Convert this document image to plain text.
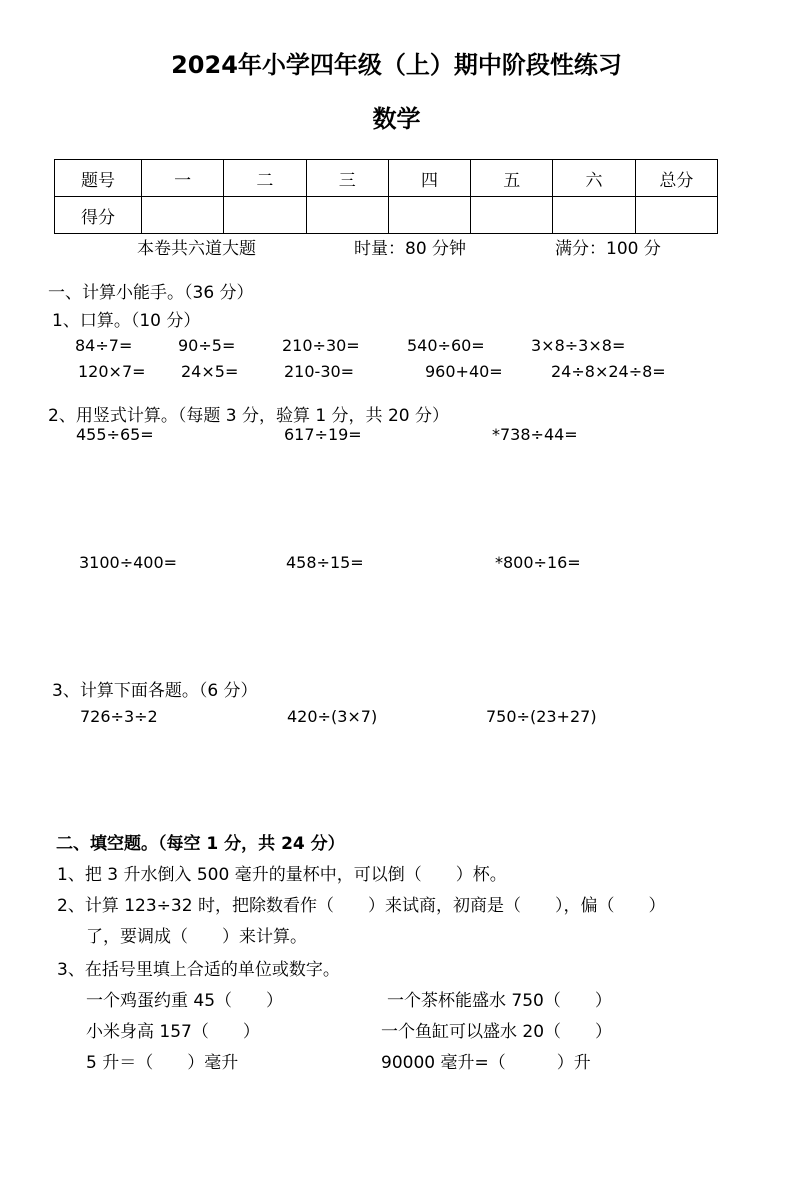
2024年小学四年级（上）期中阶段性练习
数学
题号	一	二	三	四	五	六	总分
得分							
本卷共六道大题	时量：80 分钟	满分：100 分
一、计算小能手。（36 分）
1、口算。（10 分）
84÷7=	90÷5=	210÷30=	540÷60=	3×8÷3×8=
120×7= 24×5=	210-30=	960+40=	24÷8×24÷8=
2、用竖式计算。（每题 3 分，验算 1 分，共 20 分）
455÷65=	617÷19=	*738÷44=
3100÷400=	458÷15=	*800÷16=
3、计算下面各题。（6 分）
726÷3÷2	420÷(3×7)	750÷(23+27)
二、填空题。（每空 1 分，共 24 分）
1、把 3 升水倒入 500 毫升的量杯中，可以倒（　　）杯。
2、计算 123÷32 时，把除数看作（　　）来试商，初商是（　　），偏（　　）
了，要调成（　　）来计算。
3、在括号里填上合适的单位或数字。
一个鸡蛋约重 45（　　）	一个茶杯能盛水 750（　　）
小米身高 157（　　）	一个鱼缸可以盛水 20（　　）
5 升＝（　　）毫升	90000 毫升=（　　　）升
